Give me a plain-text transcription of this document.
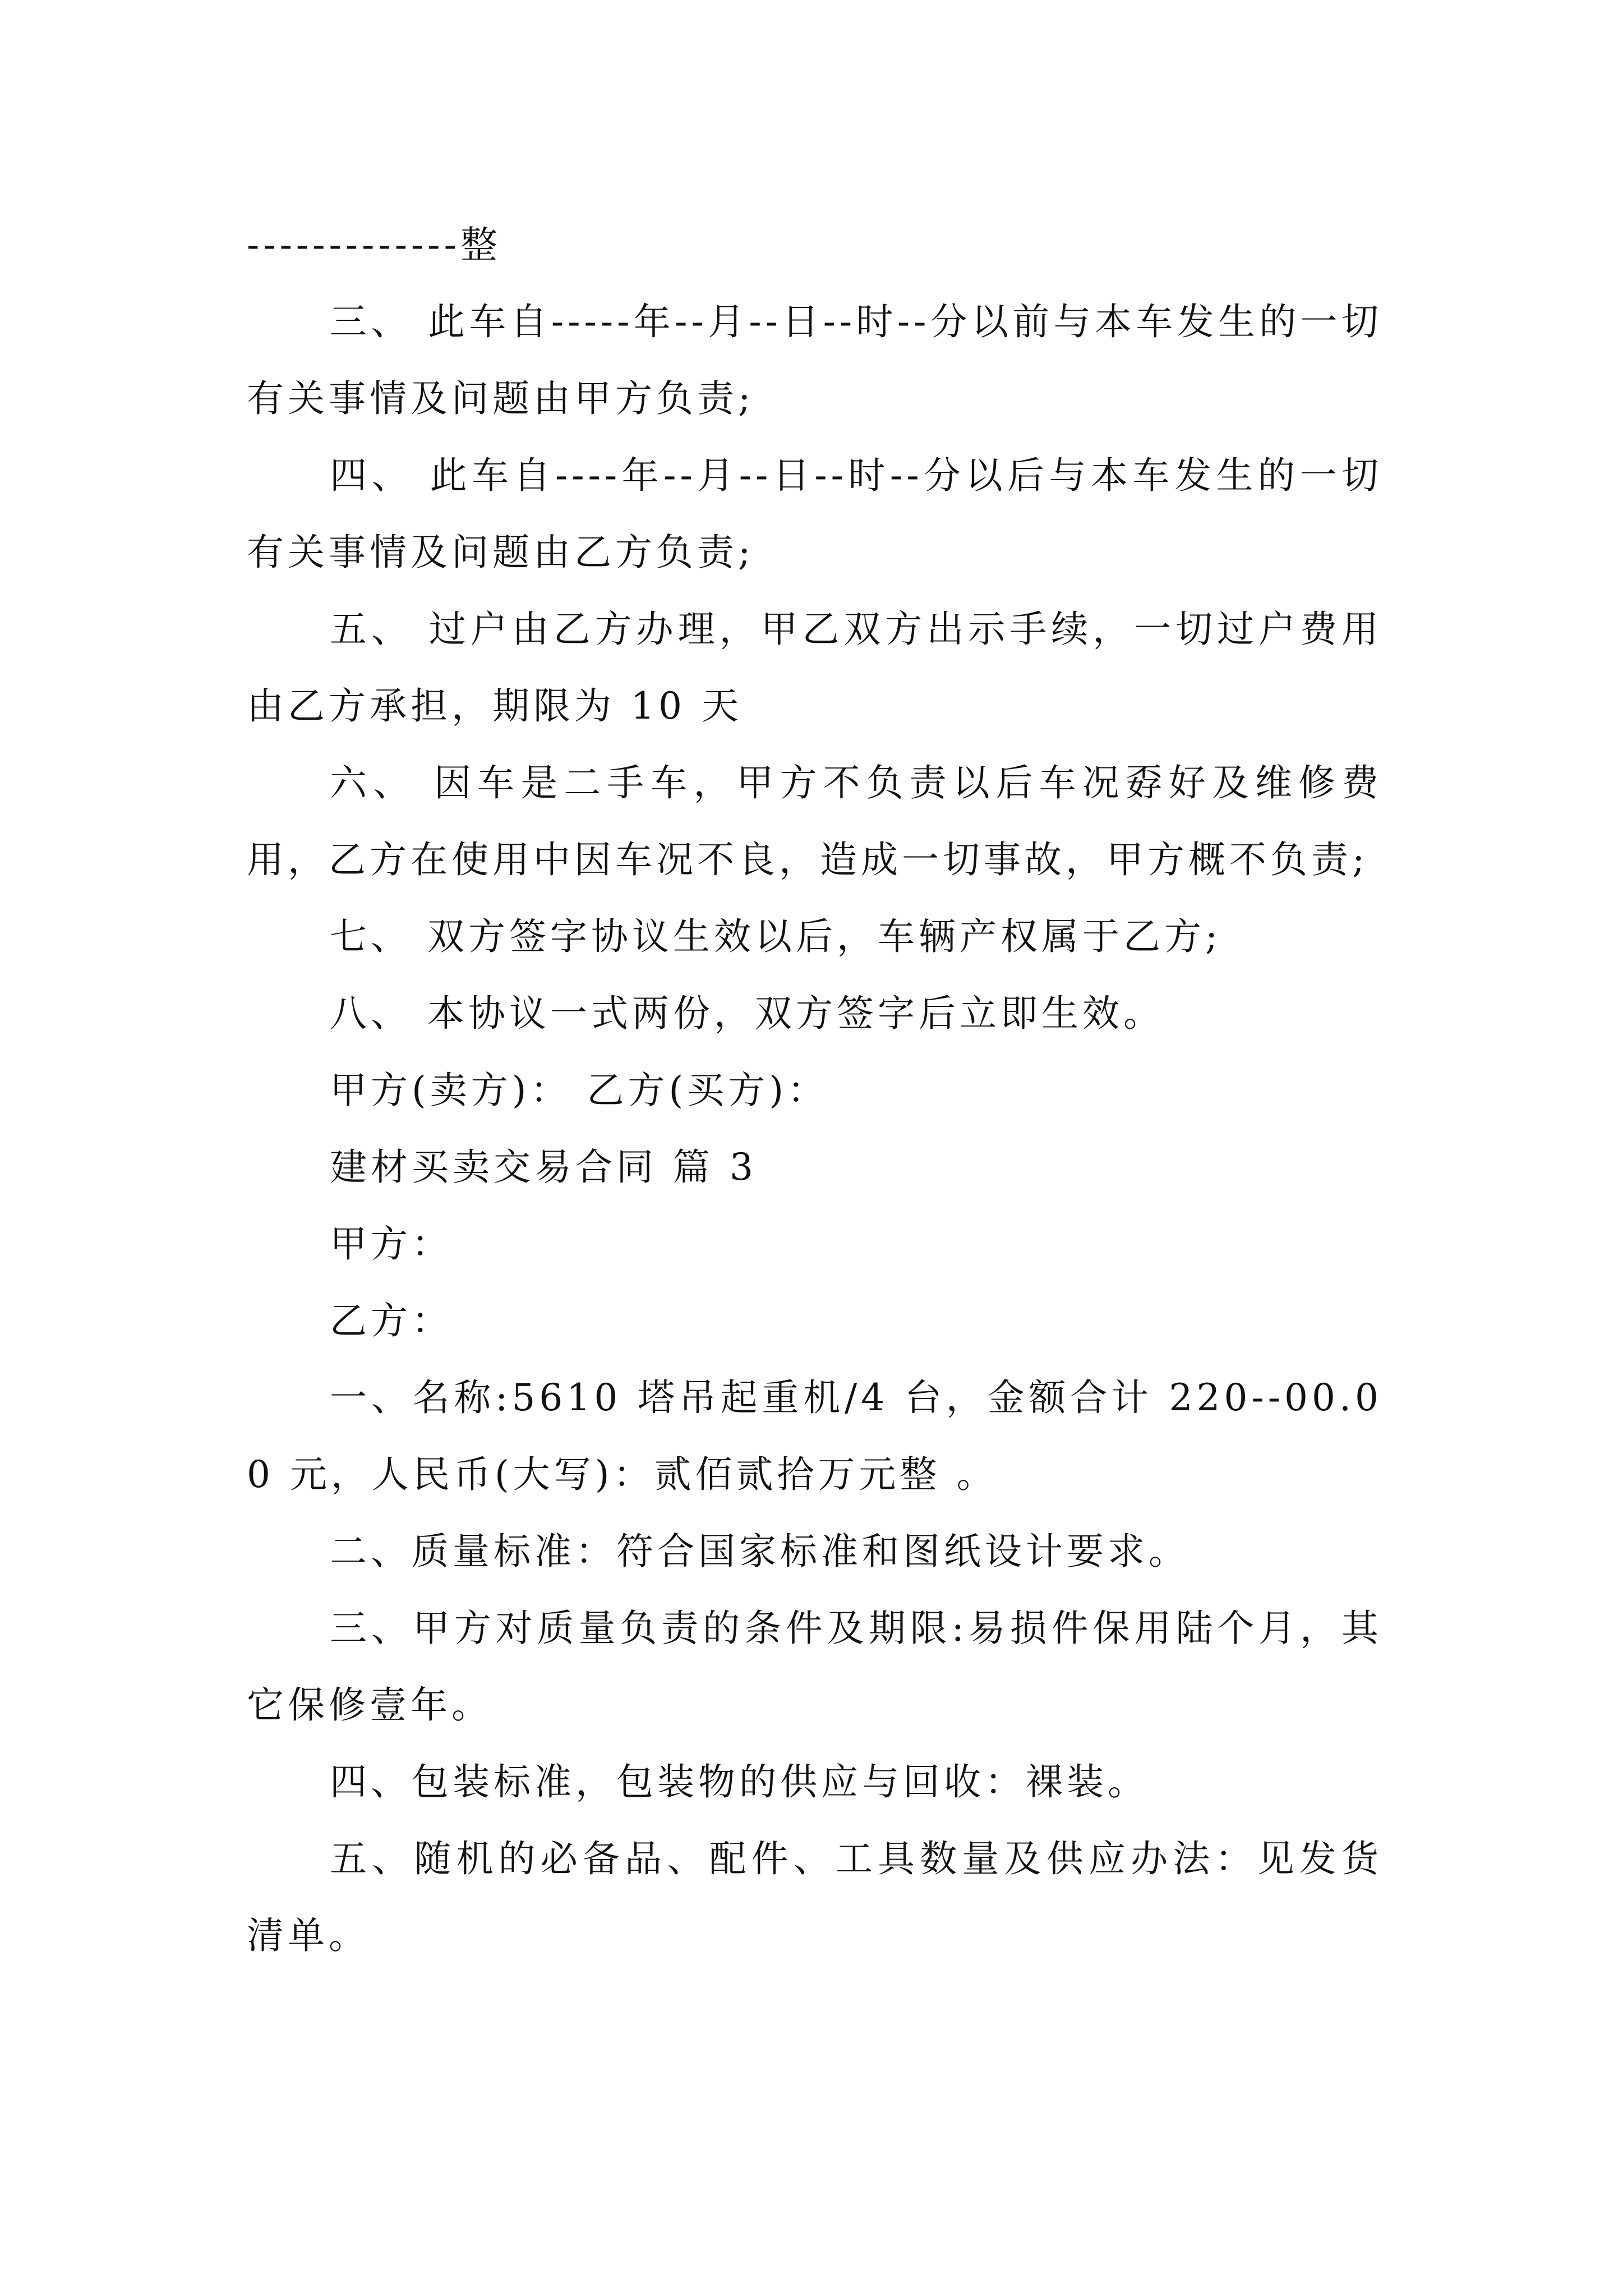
-------------整

三、 此车自-----年--月--日--时--分以前与本车发生的一切有关事情及问题由甲方负责;

四、 此车自----年--月--日--时--分以后与本车发生的一切有关事情及问题由乙方负责;

五、 过户由乙方办理，甲乙双方出示手续，一切过户费用由乙方承担，期限为 10 天

六、 因车是二手车，甲方不负责以后车况孬好及维修费用，乙方在使用中因车况不良，造成一切事故，甲方概不负责;

七、 双方签字协议生效以后，车辆产权属于乙方;

八、 本协议一式两份，双方签字后立即生效。

甲方(卖方)： 乙方(买方)：

建材买卖交易合同 篇 3

甲方：

乙方：

一、名称:5610 塔吊起重机/4 台，金额合计 220--00.00 元，人民币(大写)：贰佰贰拾万元整 。

二、质量标准：符合国家标准和图纸设计要求。

三、甲方对质量负责的条件及期限:易损件保用陆个月，其它保修壹年。

四、包装标准，包装物的供应与回收：裸装。

五、随机的必备品、配件、工具数量及供应办法：见发货清单。
